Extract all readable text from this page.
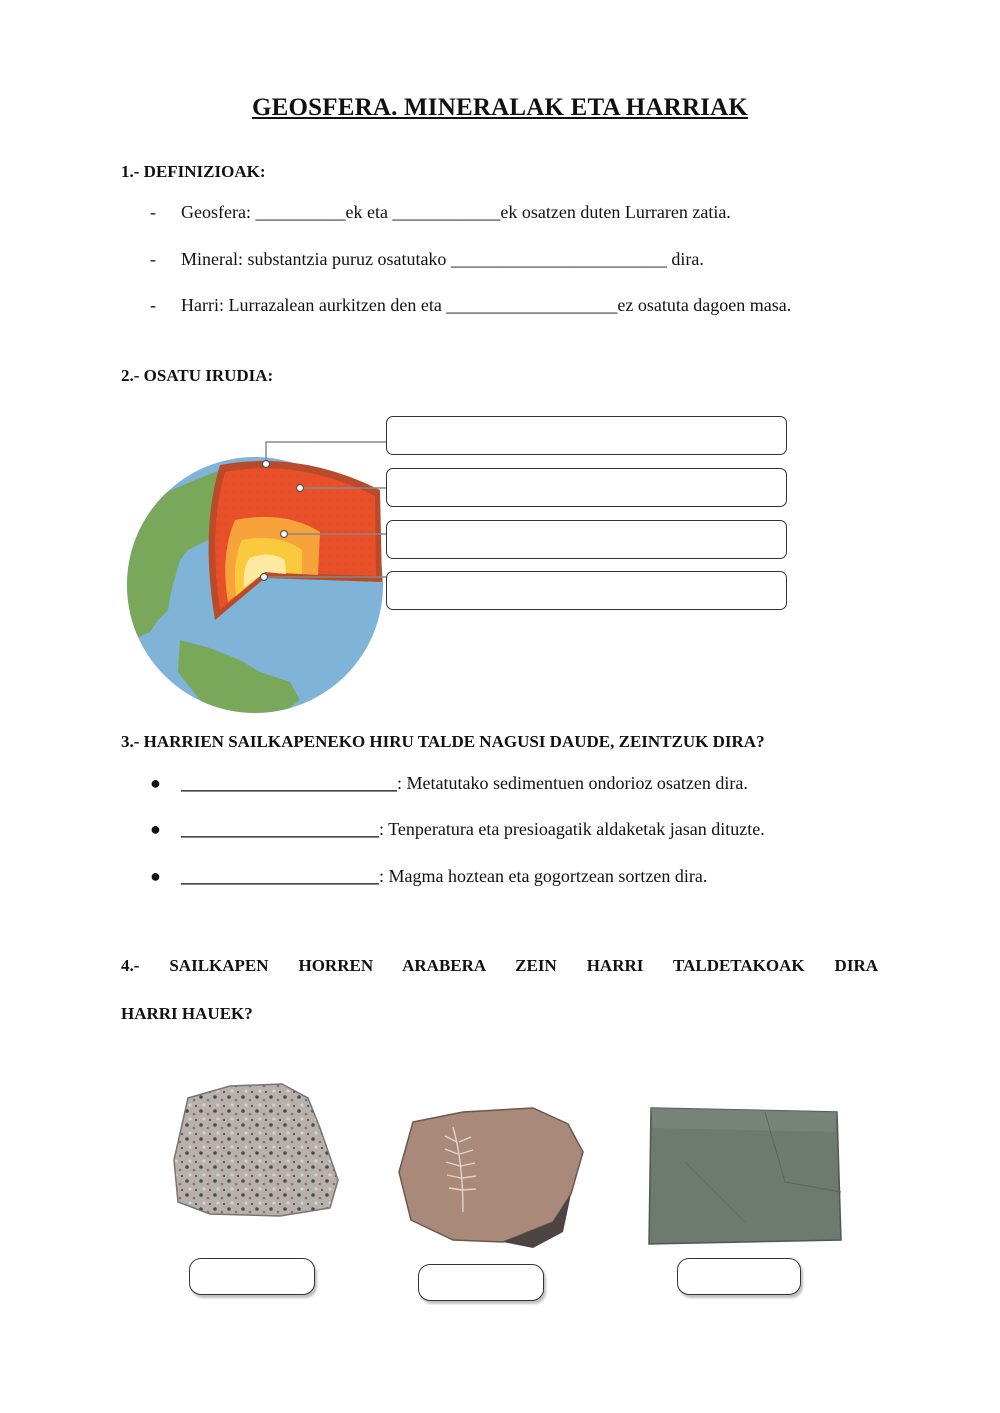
GEOSFERA. MINERALAK ETA HARRIAK
1.- DEFINIZIOAK:
- Geosfera: __________ek eta ____________ek osatzen duten Lurraren zatia.
- Mineral: substantzia puruz osatutako ________________________ dira.
- Harri: Lurrazalean aurkitzen den eta ___________________ez osatuta dagoen masa.
2.- OSATU IRUDIA:
3.- HARRIEN SAILKAPENEKO HIRU TALDE NAGUSI DAUDE, ZEINTZUK DIRA?
● ________________________: Metatutako sedimentuen ondorioz osatzen dira.
● ______________________: Tenperatura eta presioagatik aldaketak jasan dituzte.
● ______________________: Magma hoztean eta gogortzean sortzen dira.
4.- SAILKAPEN HORREN ARABERA ZEIN HARRI TALDETAKOAK DIRA
HARRI HAUEK?
